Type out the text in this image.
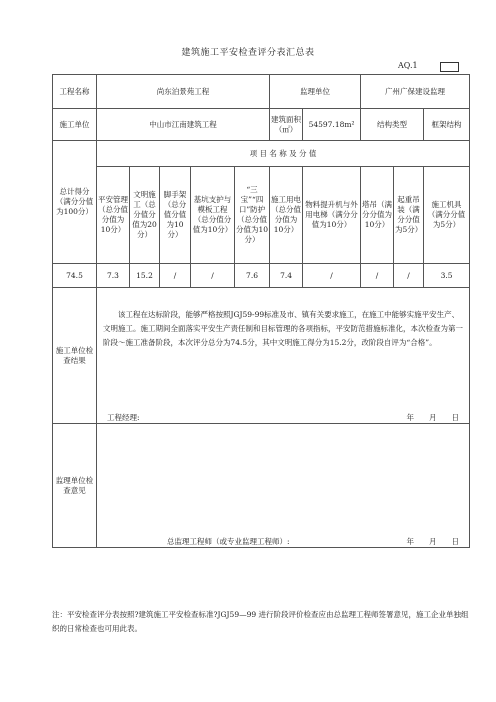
建筑施工平安检查评分表汇总表
AQ.1
工程名称	尚东泊景苑工程					监理单位		广州广保建设监理		
施工单位	中山市江南建筑工程					建筑面积（㎡）	54597.18m²	结构类型		框架结构
总计得分（满分分值为100分）	项 目 名 称 及 分 值									
	平安管理（总分值分值为10分）	文明施工（总分值分值为20分）	脚手架（总分值分值为10分）	基坑支护与模板工程（总分值分值为10分）	“三宝”“四口”防护（总分值分值为10分）	施工用电（总分值分值为10分）	物料提升机与外用电梯（满分分值为10分）	塔吊（满分分值为10分）	起重吊装（满分分值为5分）	施工机具（满分分值为5分）
74.5	7.3	15.2	/	/	7.6	7.4	/	/	/	3.5
施工单位检查结果	该工程在达标阶段，能够严格按照JGJ59-99标准及市、镇有关要求施工，在施工中能够实施平安生产、文明施工。施工期间全面落实平安生产责任制和目标管理的各项指标，平安防范措施标准化，本次检查为第一阶段～施工准备阶段，本次评分总分为74.5分，其中文明施工得分为15.2分，改阶段自评为“合格”。
工程经理: 年　　月　　日									

监理单位检查意见	总监理工程师（或专业监理工程师）: 年　　月　　日									
注：平安检查评分表按照?建筑施工平安检查标准?JGJ59—99 进行阶段评价检查应由总监理工程师签署意见，施工企业单独组织的日常检查也可用此表。
